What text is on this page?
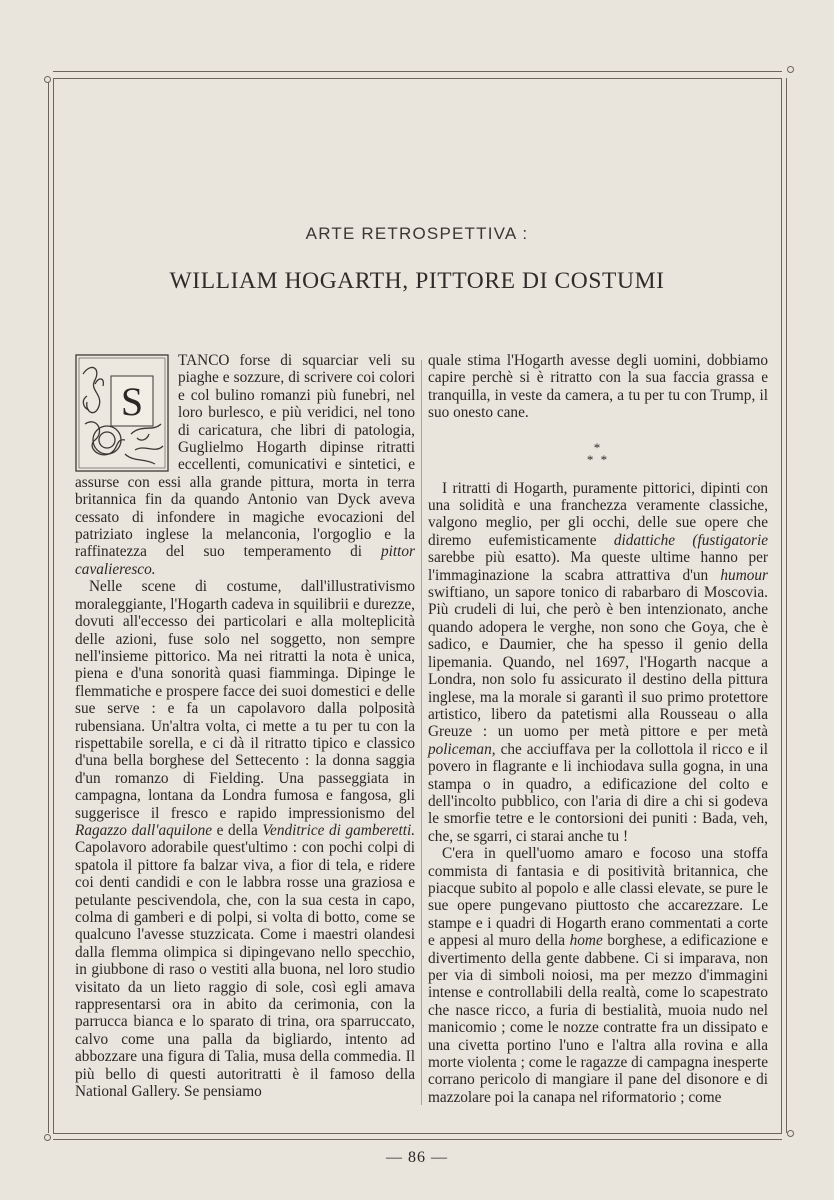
ARTE RETROSPETTIVA :
WILLIAM HOGARTH, PITTORE DI COSTUMI
S

TANCO forse di squarciar veli su piaghe e sozzure, di scrivere coi colori e col bulino romanzi più funebri, nel loro burlesco, e più veridici, nel tono di caricatura, che libri di patologia, Guglielmo Hogarth dipinse ritratti eccellenti, comunicativi e sintetici, e assurse con essi alla grande pittura, morta in terra britannica fin da quando Antonio van Dyck aveva cessato di infondere in magiche evocazioni del patriziato inglese la melanconia, l'orgoglio e la raffinatezza del suo temperamento di pittor cavalieresco.

Nelle scene di costume, dall'illustrativismo moraleggiante, l'Hogarth cadeva in squilibrii e durezze, dovuti all'eccesso dei particolari e alla molteplicità delle azioni, fuse solo nel soggetto, non sempre nell'insieme pittorico. Ma nei ritratti la nota è unica, piena e d'una sonorità quasi fiamminga. Dipinge le flemmatiche e prospere facce dei suoi domestici e delle sue serve : e fa un capolavoro dalla polposità rubensiana. Un'altra volta, ci mette a tu per tu con la rispettabile sorella, e ci dà il ritratto tipico e classico d'una bella borghese del Settecento : la donna saggia d'un romanzo di Fielding. Una passeggiata in campagna, lontana da Londra fumosa e fangosa, gli suggerisce il fresco e rapido impressionismo del Ragazzo dall'aquilone e della Venditrice di gamberetti. Capolavoro adorabile quest'ultimo : con pochi colpi di spatola il pittore fa balzar viva, a fior di tela, e ridere coi denti candidi e con le labbra rosse una graziosa e petulante pescivendola, che, con la sua cesta in capo, colma di gamberi e di polpi, si volta di botto, come se qualcuno l'avesse stuzzicata. Come i maestri olandesi dalla flemma olimpica si dipingevano nello specchio, in giubbone di raso o vestiti alla buona, nel loro studio visitato da un lieto raggio di sole, così egli amava rappresentarsi ora in abito da cerimonia, con la parrucca bianca e lo sparato di trina, ora sparruccato, calvo come una palla da bigliardo, intento ad abbozzare una figura di Talia, musa della commedia. Il più bello di questi autoritratti è il famoso della National Gallery. Se pensiamo

quale stima l'Hogarth avesse degli uomini, dobbiamo capire perchè si è ritratto con la sua faccia grassa e tranquilla, in veste da camera, a tu per tu con Trump, il suo onesto cane.

*
* *

I ritratti di Hogarth, puramente pittorici, dipinti con una solidità e una franchezza veramente classiche, valgono meglio, per gli occhi, delle sue opere che diremo eufemisticamente didattiche (fustigatorie sarebbe più esatto). Ma queste ultime hanno per l'immaginazione la scabra attrattiva d'un humour swiftiano, un sapore tonico di rabarbaro di Moscovia. Più crudeli di lui, che però è ben intenzionato, anche quando adopera le verghe, non sono che Goya, che è sadico, e Daumier, che ha spesso il genio della lipemania. Quando, nel 1697, l'Hogarth nacque a Londra, non solo fu assicurato il destino della pittura inglese, ma la morale si garantì il suo primo protettore artistico, libero da patetismi alla Rousseau o alla Greuze : un uomo per metà pittore e per metà policeman, che acciuffava per la collottola il ricco e il povero in flagrante e li inchiodava sulla gogna, in una stampa o in quadro, a edificazione del colto e dell'incolto pubblico, con l'aria di dire a chi si godeva le smorfie tetre e le contorsioni dei puniti : Bada, veh, che, se sgarri, ci starai anche tu !

C'era in quell'uomo amaro e focoso una stoffa commista di fantasia e di positività britannica, che piacque subito al popolo e alle classi elevate, se pure le sue opere pungevano piuttosto che accarezzare. Le stampe e i quadri di Hogarth erano commentati a corte e appesi al muro della home borghese, a edificazione e divertimento della gente dabbene. Ci si imparava, non per via di simboli noiosi, ma per mezzo d'immagini intense e controllabili della realtà, come lo scapestrato che nasce ricco, a furia di bestialità, muoia nudo nel manicomio ; come le nozze contratte fra un dissipato e una civetta portino l'uno e l'altra alla rovina e alla morte violenta ; come le ragazze di campagna inesperte corrano pericolo di mangiare il pane del disonore e di mazzolare poi la canapa nel riformatorio ; come

— 86 —
